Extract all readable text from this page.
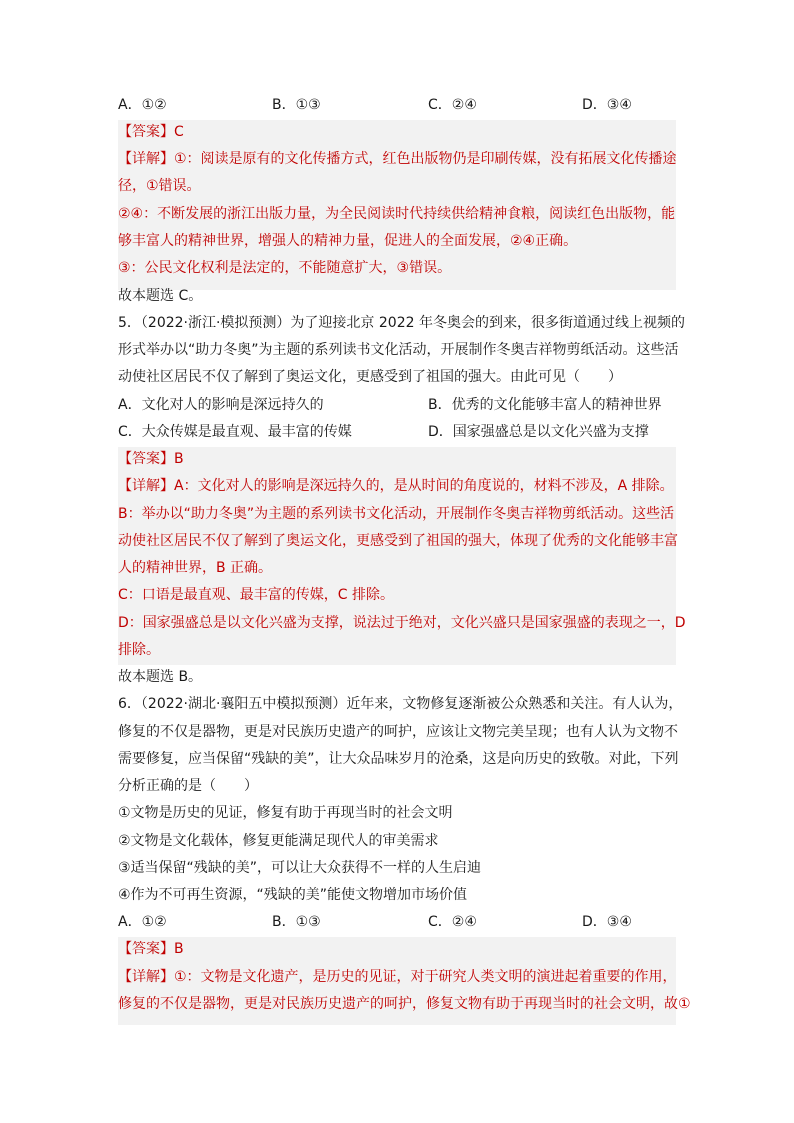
A．①②	B．①③	C．②④	D．③④
【答案】C
【详解】①：阅读是原有的文化传播方式，红色出版物仍是印刷传媒，没有拓展文化传播途
径，①错误。
②④：不断发展的浙江出版力量，为全民阅读时代持续供给精神食粮，阅读红色出版物，能
够丰富人的精神世界，增强人的精神力量，促进人的全面发展，②④正确。
③：公民文化权利是法定的，不能随意扩大，③错误。
故本题选 C。
5．（2022·浙江·模拟预测）为了迎接北京 2022 年冬奥会的到来，很多街道通过线上视频的
形式举办以“助力冬奥”为主题的系列读书文化活动，开展制作冬奥吉祥物剪纸活动。这些活
动使社区居民不仅了解到了奥运文化，更感受到了祖国的强大。由此可见（　　）
A．文化对人的影响是深远持久的	B．优秀的文化能够丰富人的精神世界
C．大众传媒是最直观、最丰富的传媒	D．国家强盛总是以文化兴盛为支撑
【答案】B
【详解】A：文化对人的影响是深远持久的，是从时间的角度说的，材料不涉及，A 排除。
B：举办以“助力冬奥”为主题的系列读书文化活动，开展制作冬奥吉祥物剪纸活动。这些活
动使社区居民不仅了解到了奥运文化，更感受到了祖国的强大，体现了优秀的文化能够丰富
人的精神世界，B 正确。
C：口语是最直观、最丰富的传媒，C 排除。
D：国家强盛总是以文化兴盛为支撑，说法过于绝对，文化兴盛只是国家强盛的表现之一，D
排除。
故本题选 B。
6．（2022·湖北·襄阳五中模拟预测）近年来，文物修复逐渐被公众熟悉和关注。有人认为，
修复的不仅是器物，更是对民族历史遗产的呵护，应该让文物完美呈现；也有人认为文物不
需要修复，应当保留“残缺的美”，让大众品味岁月的沧桑，这是向历史的致敬。对此，下列
分析正确的是（　　）
①文物是历史的见证，修复有助于再现当时的社会文明
②文物是文化载体，修复更能满足现代人的审美需求
③适当保留“残缺的美”，可以让大众获得不一样的人生启迪
④作为不可再生资源，“残缺的美”能使文物增加市场价值
A．①②	B．①③	C．②④	D．③④
【答案】B
【详解】①：文物是文化遗产，是历史的见证，对于研究人类文明的演进起着重要的作用，
修复的不仅是器物，更是对民族历史遗产的呵护，修复文物有助于再现当时的社会文明，故①
